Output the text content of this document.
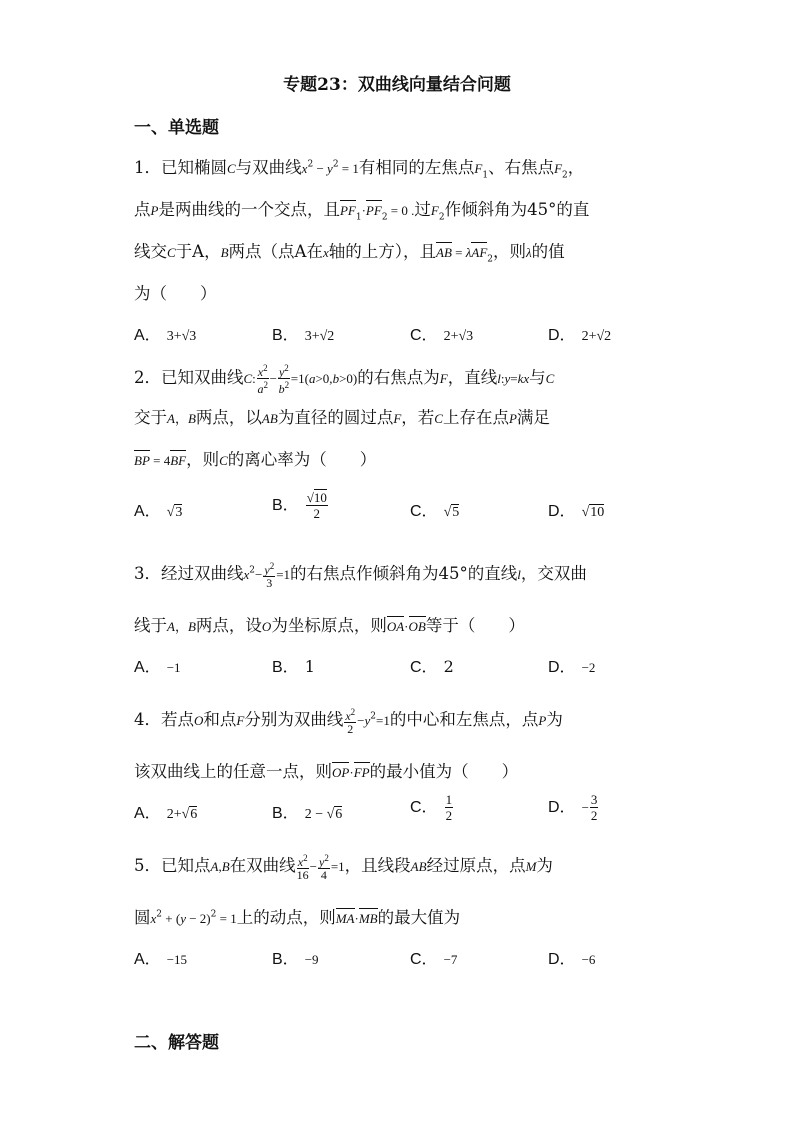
专题23：双曲线向量结合问题
一、单选题
1．已知椭圆C与双曲线$x^2 - y^2 = 1$有相同的左焦点$F_1$、右焦点$F_2$，
点P是两曲线的一个交点，且$PF_1\cdot PF_2 = 0$ .过$F_2$作倾斜角为45°的直
线交C于A，B两点（点A在x轴的上方），且AB = λAF$_2$，则λ的值
为（　　）
A． 3+√3	B． 3+√2	C． 2+√3	D． 2+√2
2．已知双曲线C: $\frac{x^2}{a^2} - \frac{y^2}{b^2} =1(a>0,b>0)$的右焦点为F，直线l:y=kx与C
交于A，B两点，以AB为直径的圆过点F，若C上存在点P满足
BP = 4BF，则C的离心率为（　　）
A． √3	B． $\frac{√10}{2}$	C． √5	D． √10
3．经过双曲线$x^2- \frac{y^2}{3} =1$的右焦点作倾斜角为45°的直线l，交双曲
线于A，B两点，设O为坐标原点，则OA·OB等于（　　）
A． −1	B． 1	C． 2	D． −2
4．若点O和点F分别为双曲线 $\frac{x^2}{2} -y^2=1$的中心和左焦点，点P为
该双曲线上的任意一点，则OP·FP的最小值为（　　）
A． 2+√6	B． 2 − √6	C． $\frac{1}{2}$	D． − $\frac{3}{2}$
5．已知点A,B在双曲线 $\frac{x^2}{16} - \frac{y^2}{4} =1$，且线段AB经过原点，点M为
圆$x^2 + (y - 2)^2 = 1$上的动点，则MA·MB的最大值为
A． −15	B． −9	C． −7	D． −6
二、解答题
